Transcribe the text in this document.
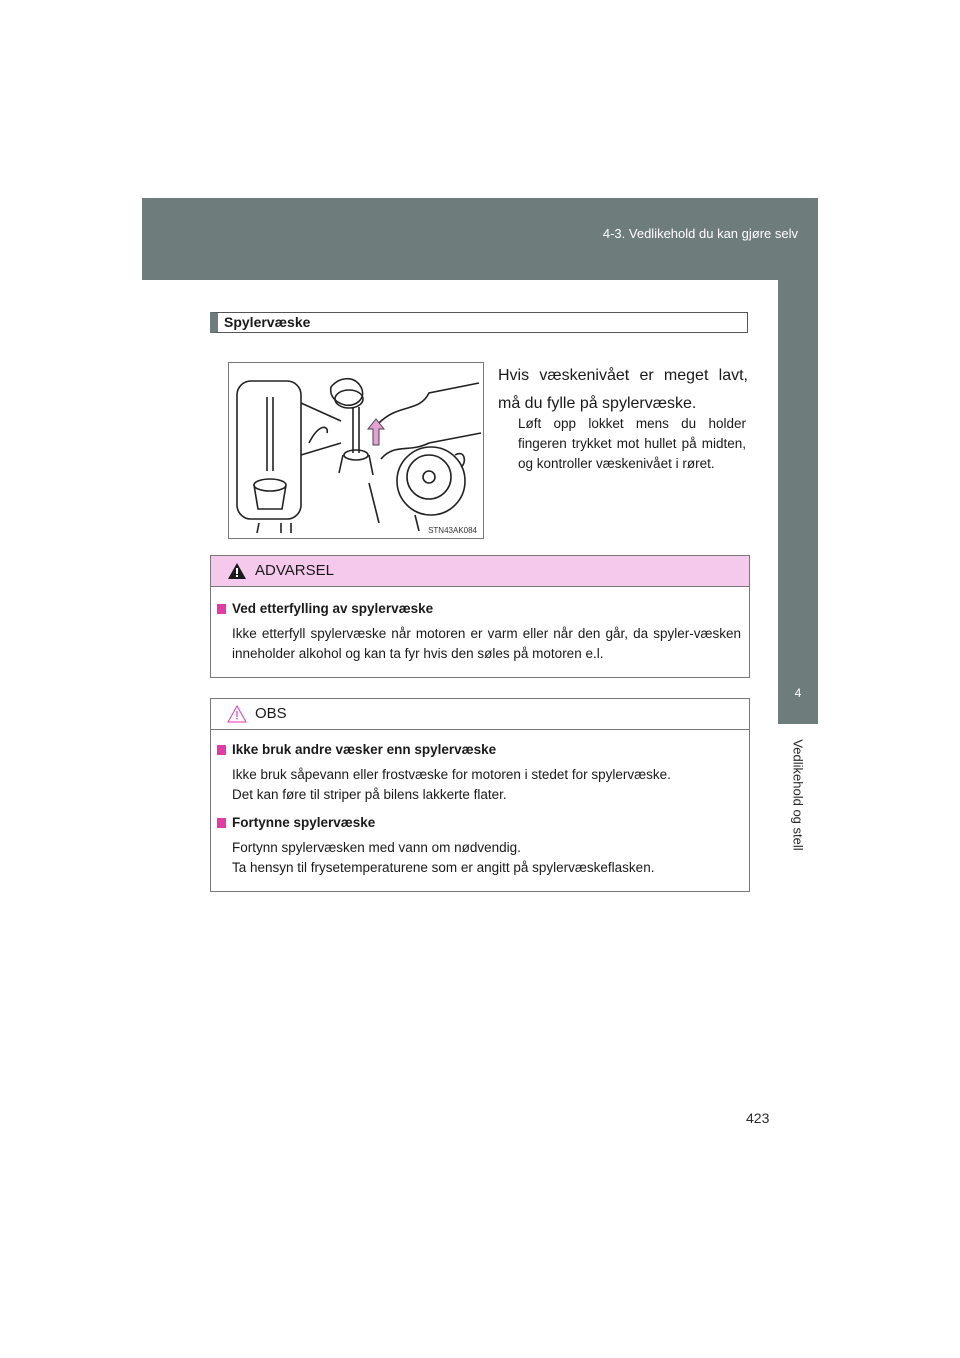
4-3. Vedlikehold du kan gjøre selv
4
Vedlikehold og stell
Spylervæske
STN43AK084
Hvis væskenivået er meget lavt, må du fylle på spylervæske.
Løft opp lokket mens du holder fingeren trykket mot hullet på midten, og kontroller væskenivået i røret.
ADVARSEL
Ved etterfylling av spylervæske
Ikke etterfyll spylervæske når motoren er varm eller når den går, da spyler-væsken inneholder alkohol og kan ta fyr hvis den søles på motoren e.l.
OBS
Ikke bruk andre væsker enn spylervæske
Ikke bruk såpevann eller frostvæske for motoren i stedet for spylervæske.
Det kan føre til striper på bilens lakkerte flater.
Fortynne spylervæske
Fortynn spylervæsken med vann om nødvendig.
Ta hensyn til frysetemperaturene som er angitt på spylervæskeflasken.
423
